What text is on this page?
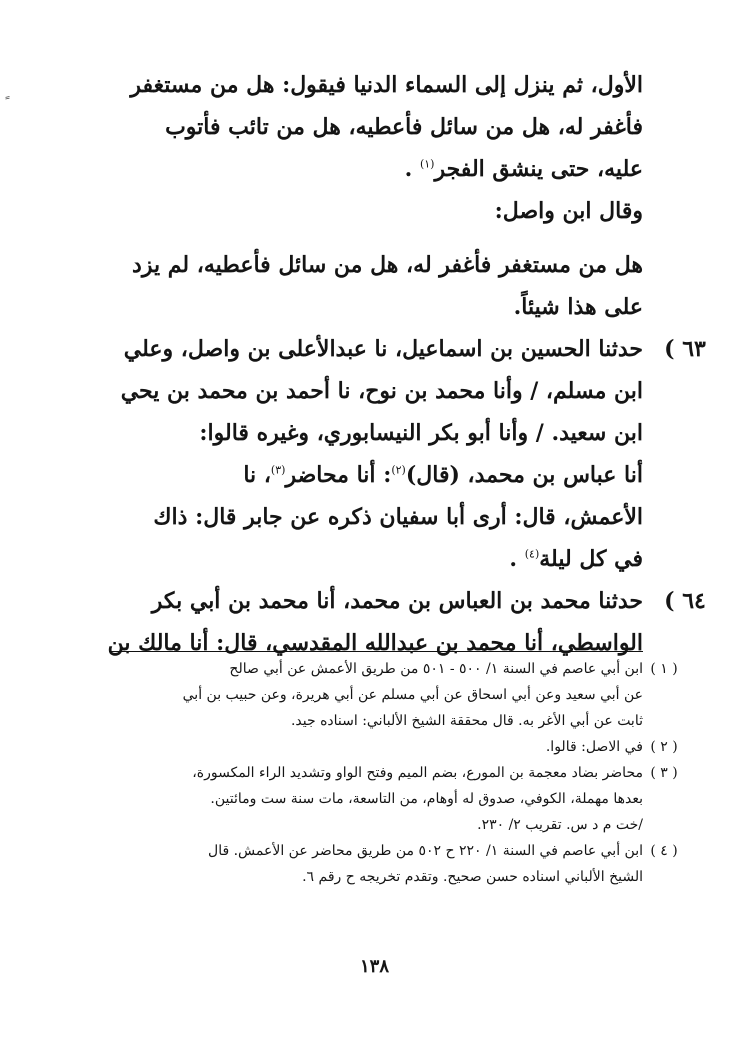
الأول، ثم ينزل إلى السماء الدنيا فيقول: هل من مستغفر
فأغفر له، هل من سائل فأعطيه، هل من تائب فأتوب
عليه، حتى ينشق الفجر$^{(١)}$ .
وقال ابن واصل:
هل من مستغفر فأغفر له، هل من سائل فأعطيه، لم يزد
على هذا شيئاً.
٦٣ )
حدثنا الحسين بن اسماعيل، نا عبدالأعلى بن واصل، وعلي
ابن مسلم، / وأنا محمد بن نوح، نا أحمد بن محمد بن يحي
ابن سعيد. / وأنا أبو بكر النيسابوري، وغيره قالوا:
أنا عباس بن محمد، (قال)$^{(٢)}$: أنا محاضر$^{(٣)}$، نا
الأعمش، قال: أرى أبا سفيان ذكره عن جابر قال: ذاك
في كل ليلة$^{(٤)}$ .
٦٤ )
حدثنا محمد بن العباس بن محمد، أنا محمد بن أبي بكر
الواسطي، أنا محمد بن عبدالله المقدسي، قال: أنا مالك بن
( ١ )
ابن أبي عاصم في السنة ١/ ٥٠٠ - ٥٠١ من طريق الأعمش عن أبي صالح
عن أبي سعيد وعن أبي اسحاق عن أبي مسلم عن أبي هريرة، وعن حبيب بن أبي
ثابت عن أبي الأغر به. قال محققة الشيخ الألباني: اسناده جيد.
( ٢ )
في الاصل: قالوا.
( ٣ )
محاضر بضاد معجمة بن المورع، بضم الميم وفتح الواو وتشديد الراء المكسورة،
بعدها مهملة، الكوفي، صدوق له أوهام، من التاسعة، مات سنة ست ومائتين.
/خت م د س. تقريب ٢/ ٢٣٠.
( ٤ )
ابن أبي عاصم في السنة ١/ ٢٢٠ ح ٥٠٢ من طريق محاضر عن الأعمش. قال
الشيخ الألباني اسناده حسن صحيح. وتقدم تخريجه ح رقم ٦.
١٣٨
